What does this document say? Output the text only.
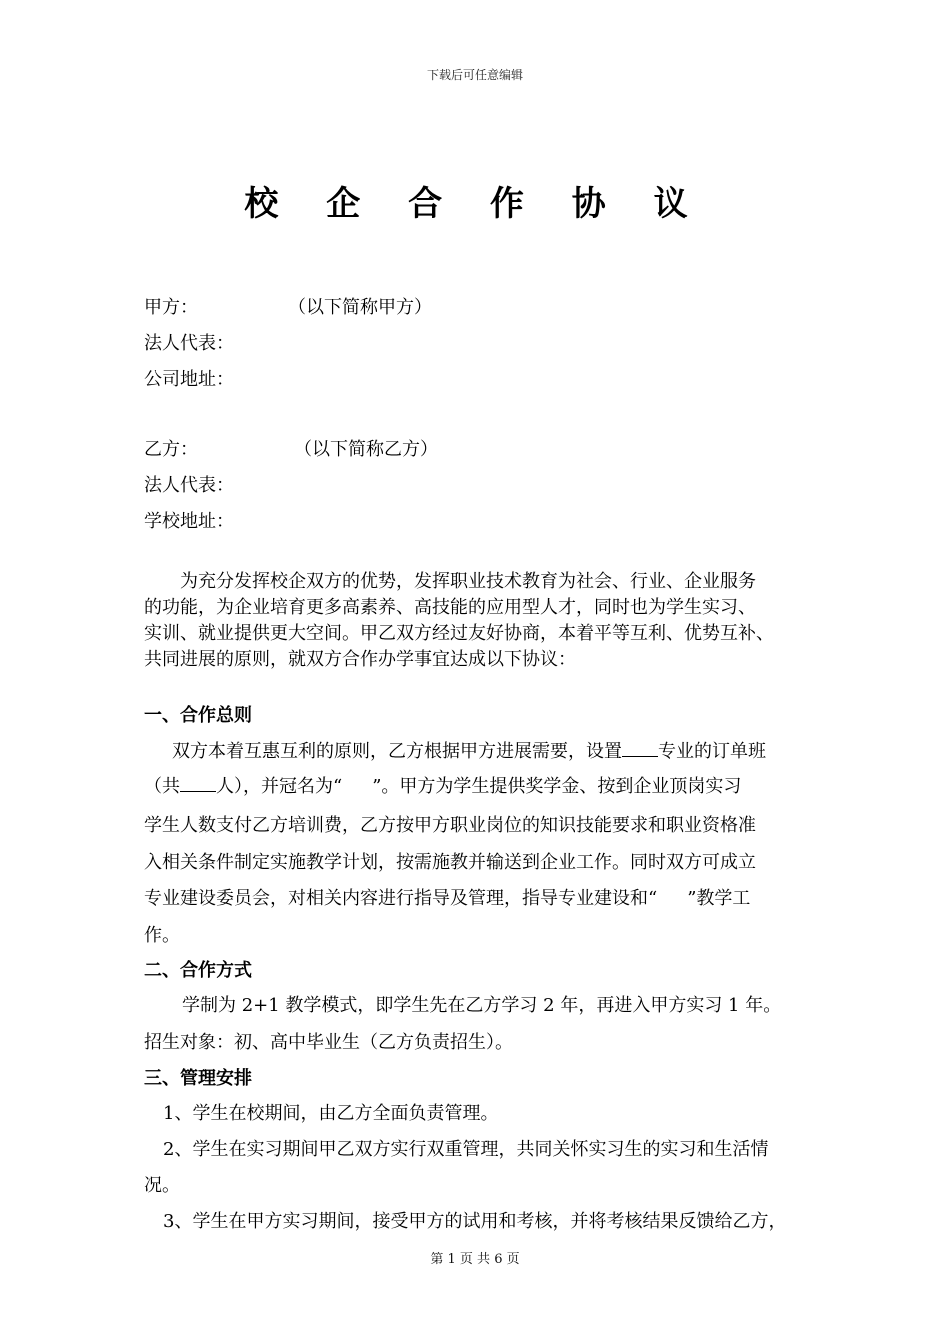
下载后可任意编辑
校 企 合 作 协 议
甲方：	（以下简称甲方）
法人代表：
公司地址：
乙方：	（以下简称乙方）
法人代表：
学校地址：
为充分发挥校企双方的优势，发挥职业技术教育为社会、行业、企业服务
的功能，为企业培育更多高素养、高技能的应用型人才，同时也为学生实习、
实训、就业提供更大空间。甲乙双方经过友好协商，本着平等互利、优势互补、
共同进展的原则，就双方合作办学事宜达成以下协议：
一、合作总则
双方本着互惠互利的原则，乙方根据甲方进展需要，设置 专业的订单班
（共 人），并冠名为“ ”。甲方为学生提供奖学金、按到企业顶岗实习
学生人数支付乙方培训费，乙方按甲方职业岗位的知识技能要求和职业资格准
入相关条件制定实施教学计划，按需施教并输送到企业工作。同时双方可成立
专业建设委员会，对相关内容进行指导及管理，指导专业建设和“ ”教学工
作。
二、合作方式
学制为 2+1 教学模式，即学生先在乙方学习 2 年，再进入甲方实习 1 年。
招生对象：初、高中毕业生（乙方负责招生）。
三、管理安排
1、学生在校期间，由乙方全面负责管理。
2、学生在实习期间甲乙双方实行双重管理，共同关怀实习生的实习和生活情
况。
3、学生在甲方实习期间，接受甲方的试用和考核，并将考核结果反馈给乙方，
第 1 页 共 6 页
